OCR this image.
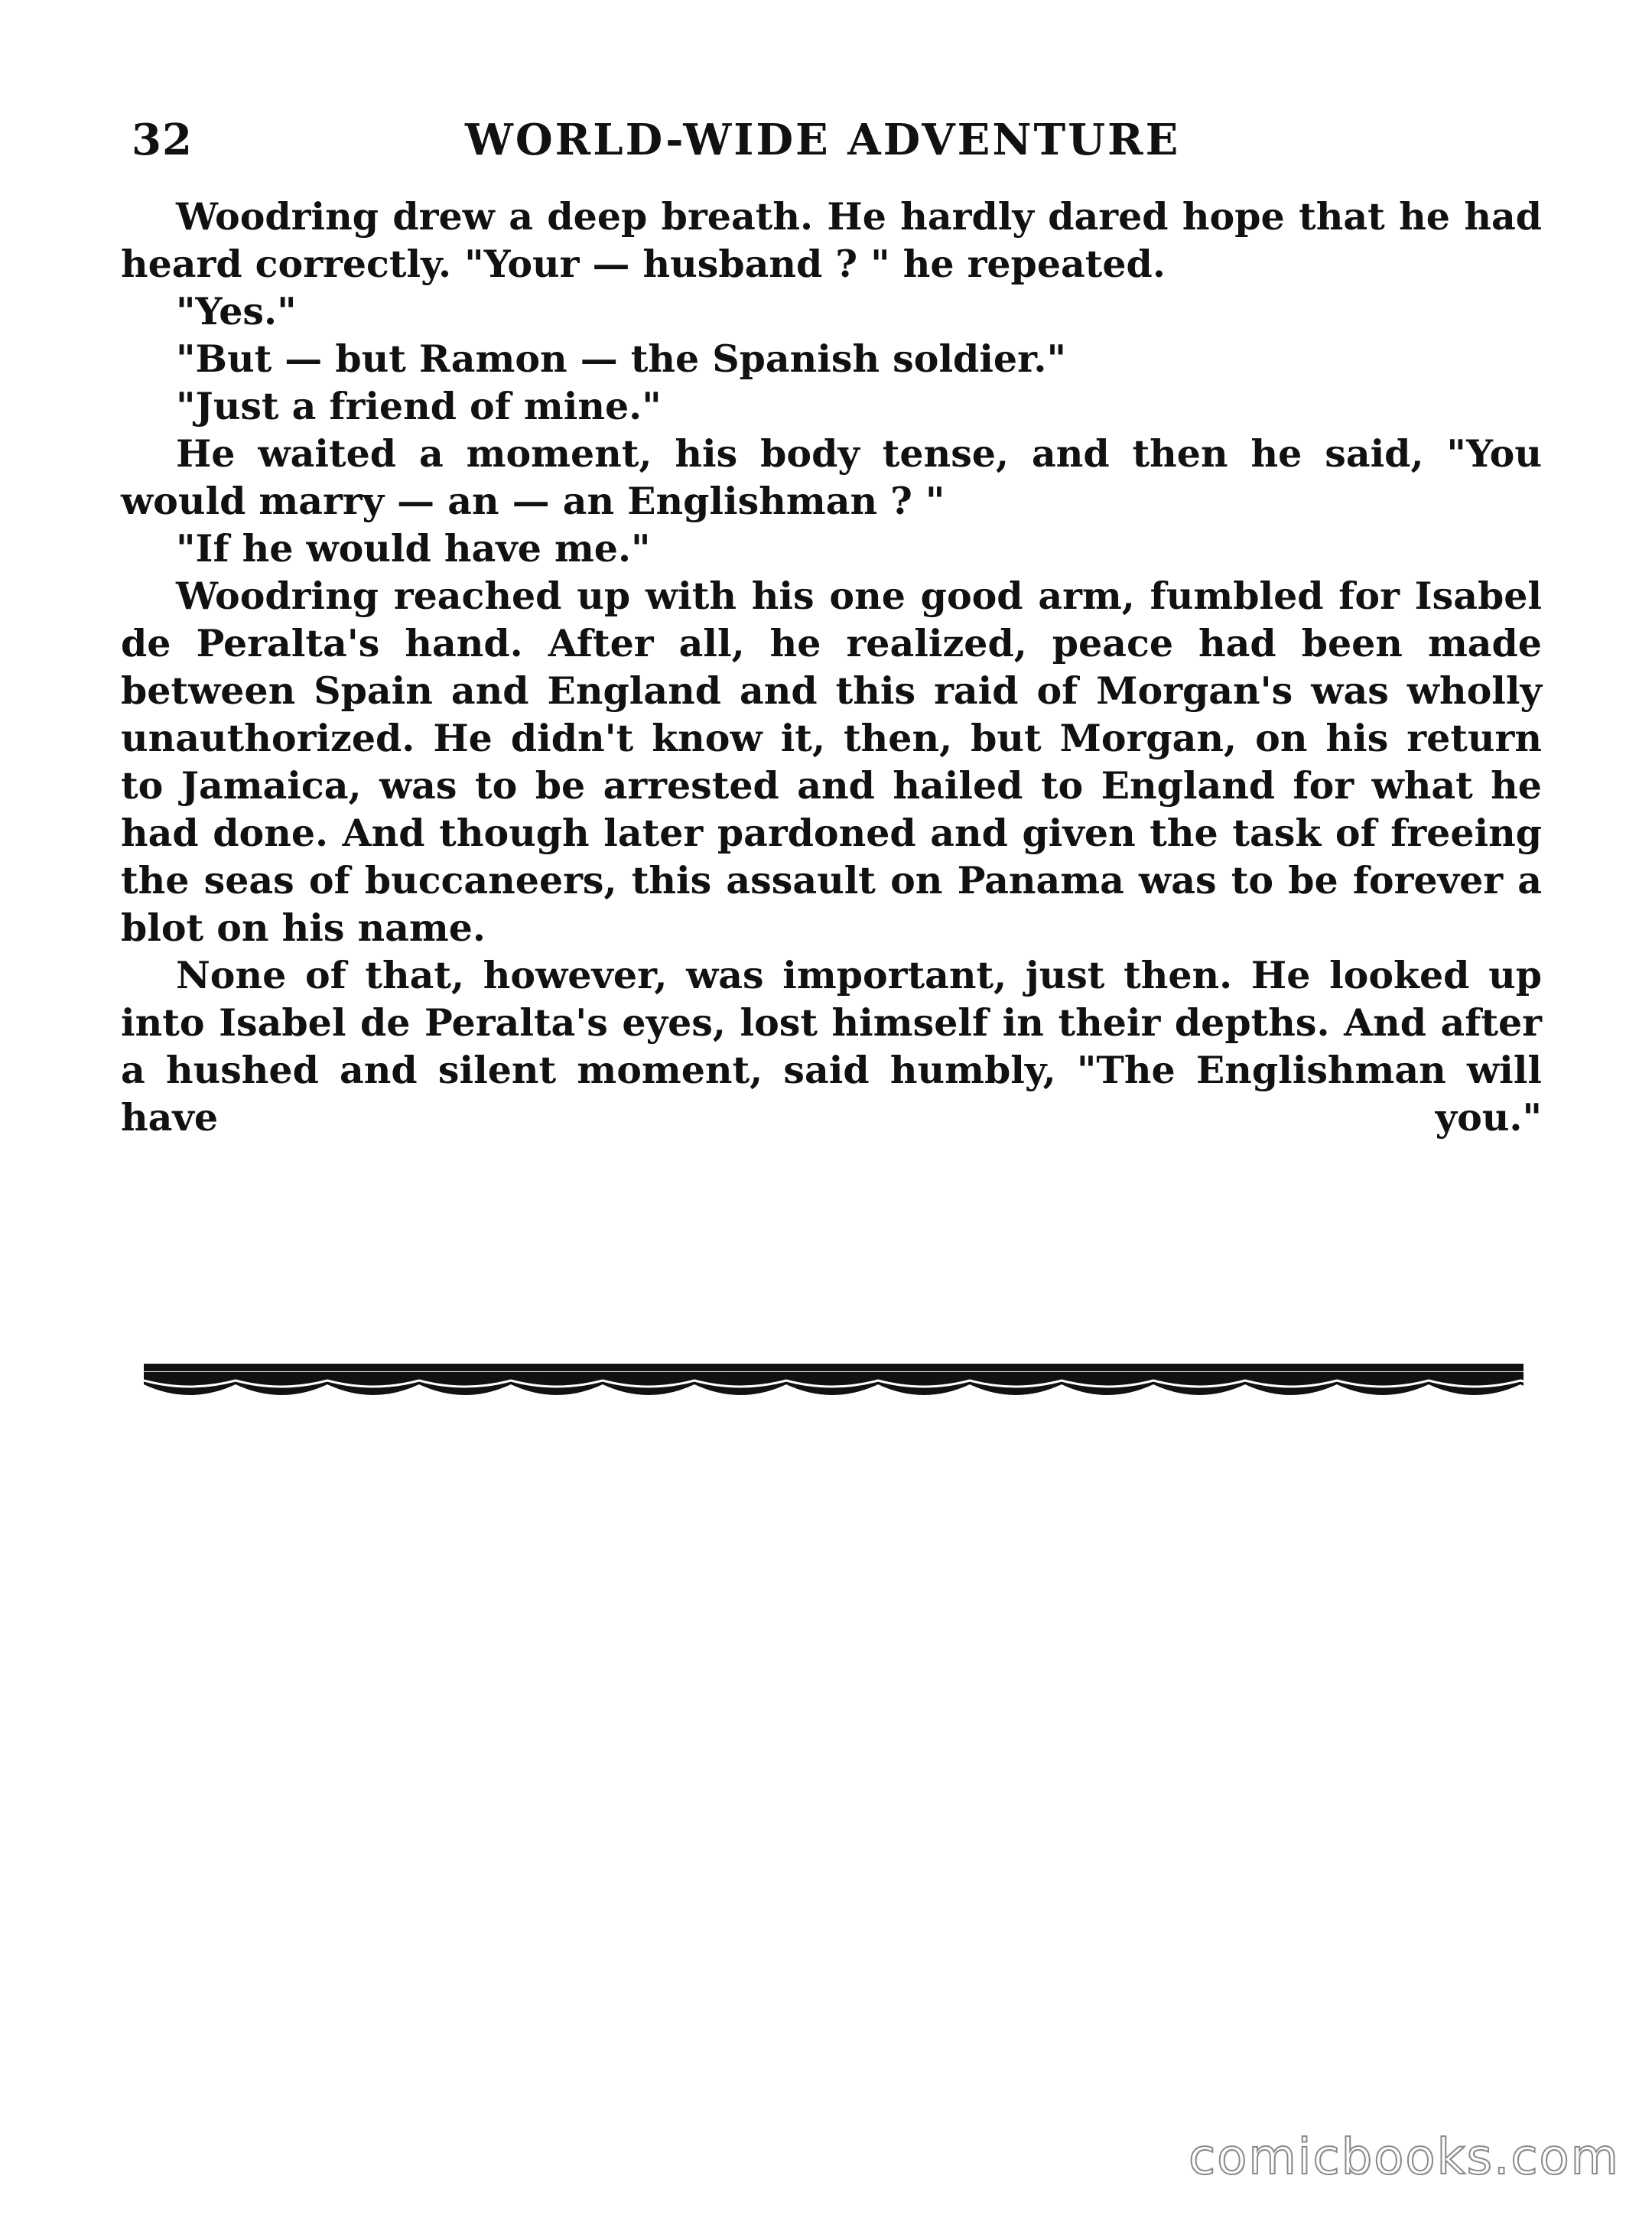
32	WORLD-WIDE ADVENTURE

Woodring drew a deep breath. He hardly dared hope that he had heard correctly. "Your — husband ? " he repeated.

"Yes."

"But — but Ramon — the Spanish soldier."

"Just a friend of mine."

He waited a moment, his body tense, and then he said, "You would marry — an — an Englishman ? "

"If he would have me."

Woodring reached up with his one good arm, fumbled for Isabel de Peralta's hand. After all, he realized, peace had been made between Spain and England and this raid of Morgan's was wholly unauthorized. He didn't know it, then, but Morgan, on his return to Jamaica, was to be arrested and hailed to England for what he had done. And though later pardoned and given the task of freeing the seas of buccaneers, this assault on Panama was to be forever a blot on his name.

None of that, however, was important, just then. He looked up into Isabel de Peralta's eyes, lost himself in their depths. And after a hushed and silent moment, said humbly, "The Englishman will have you."

comicbooks.com
